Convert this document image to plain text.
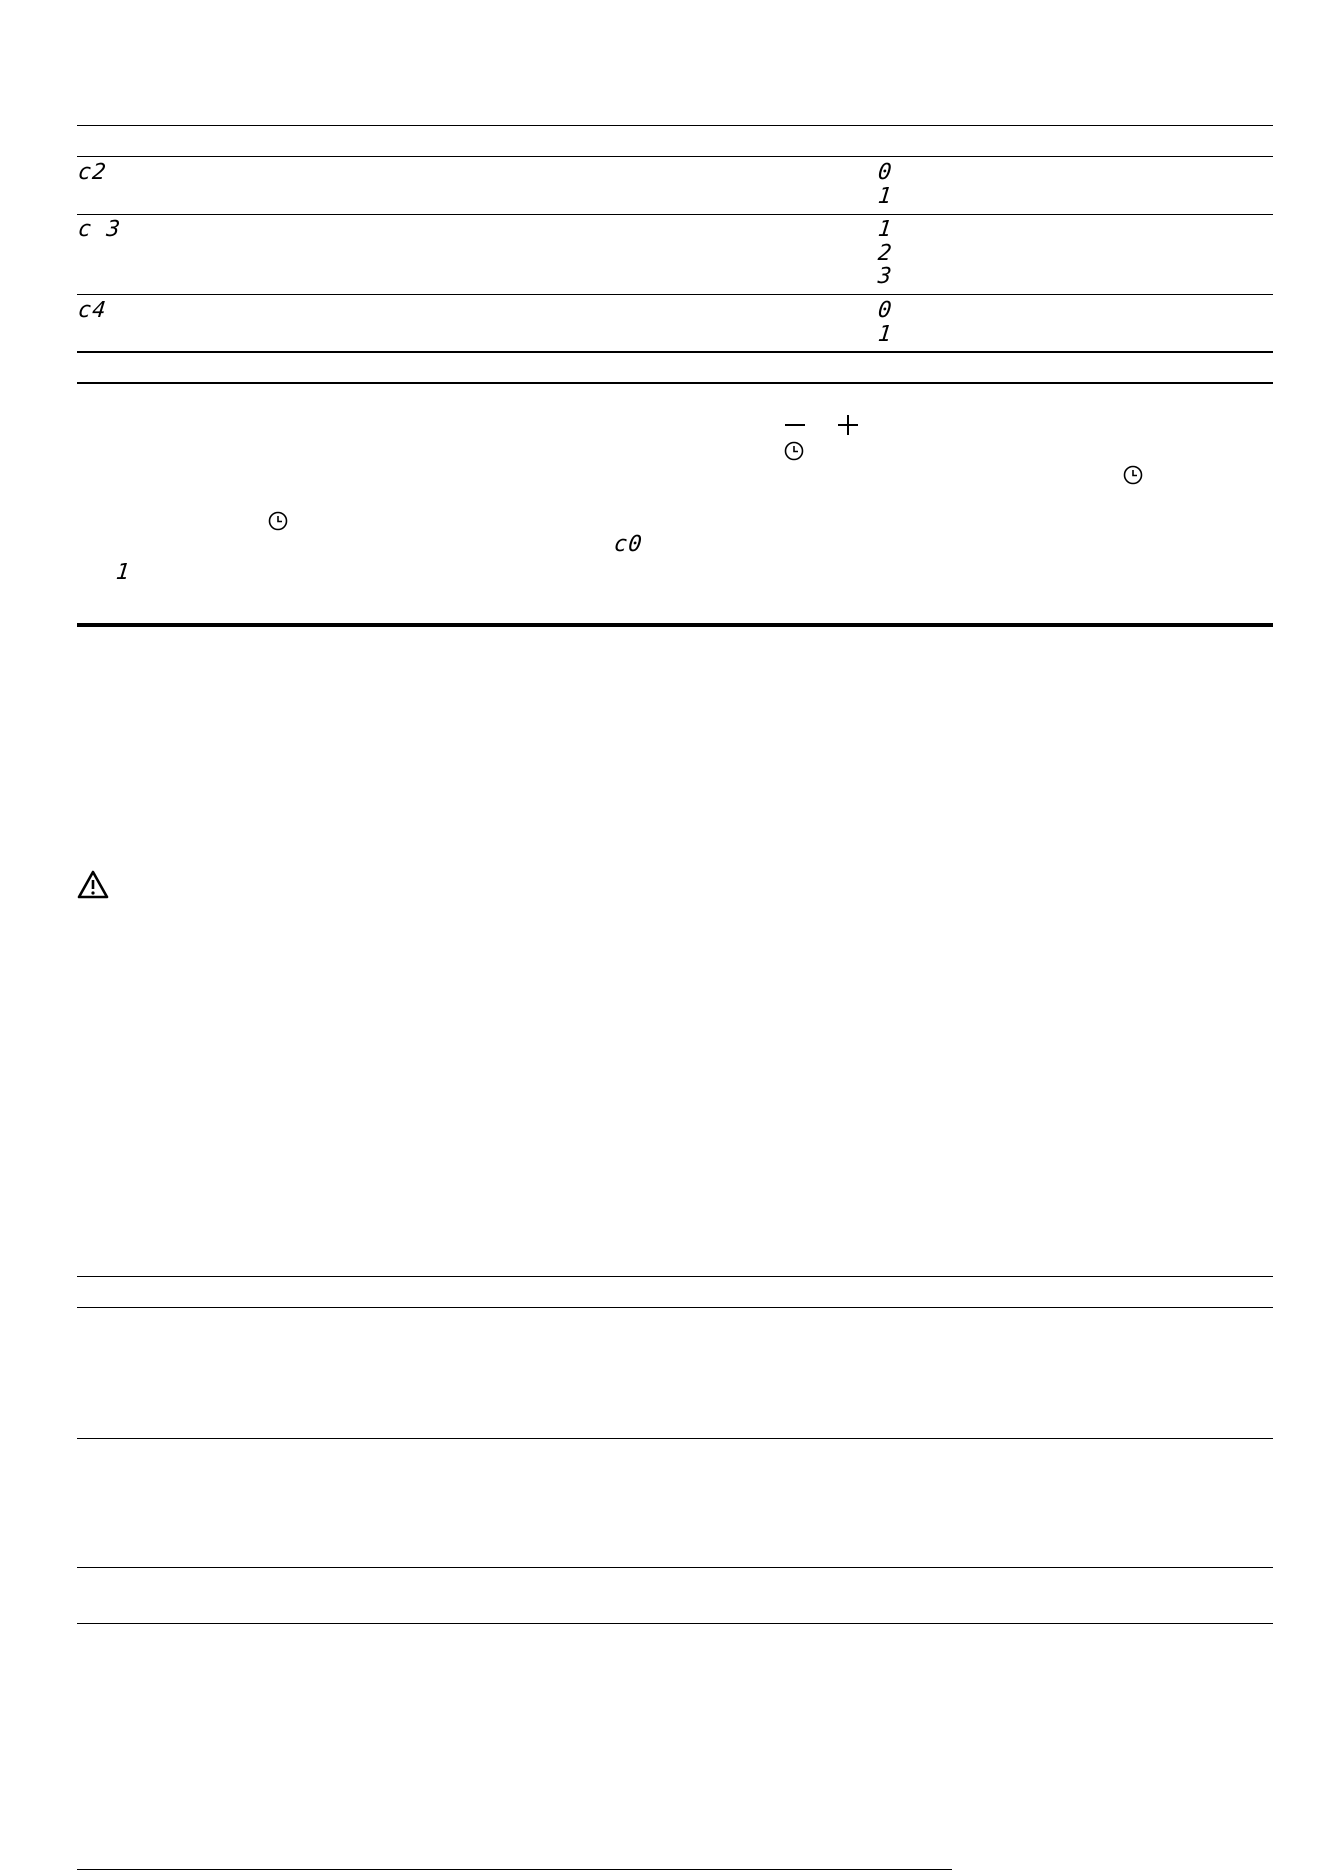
c2	0
1
c 3	1
2
3
c4	0
1
c0
1
